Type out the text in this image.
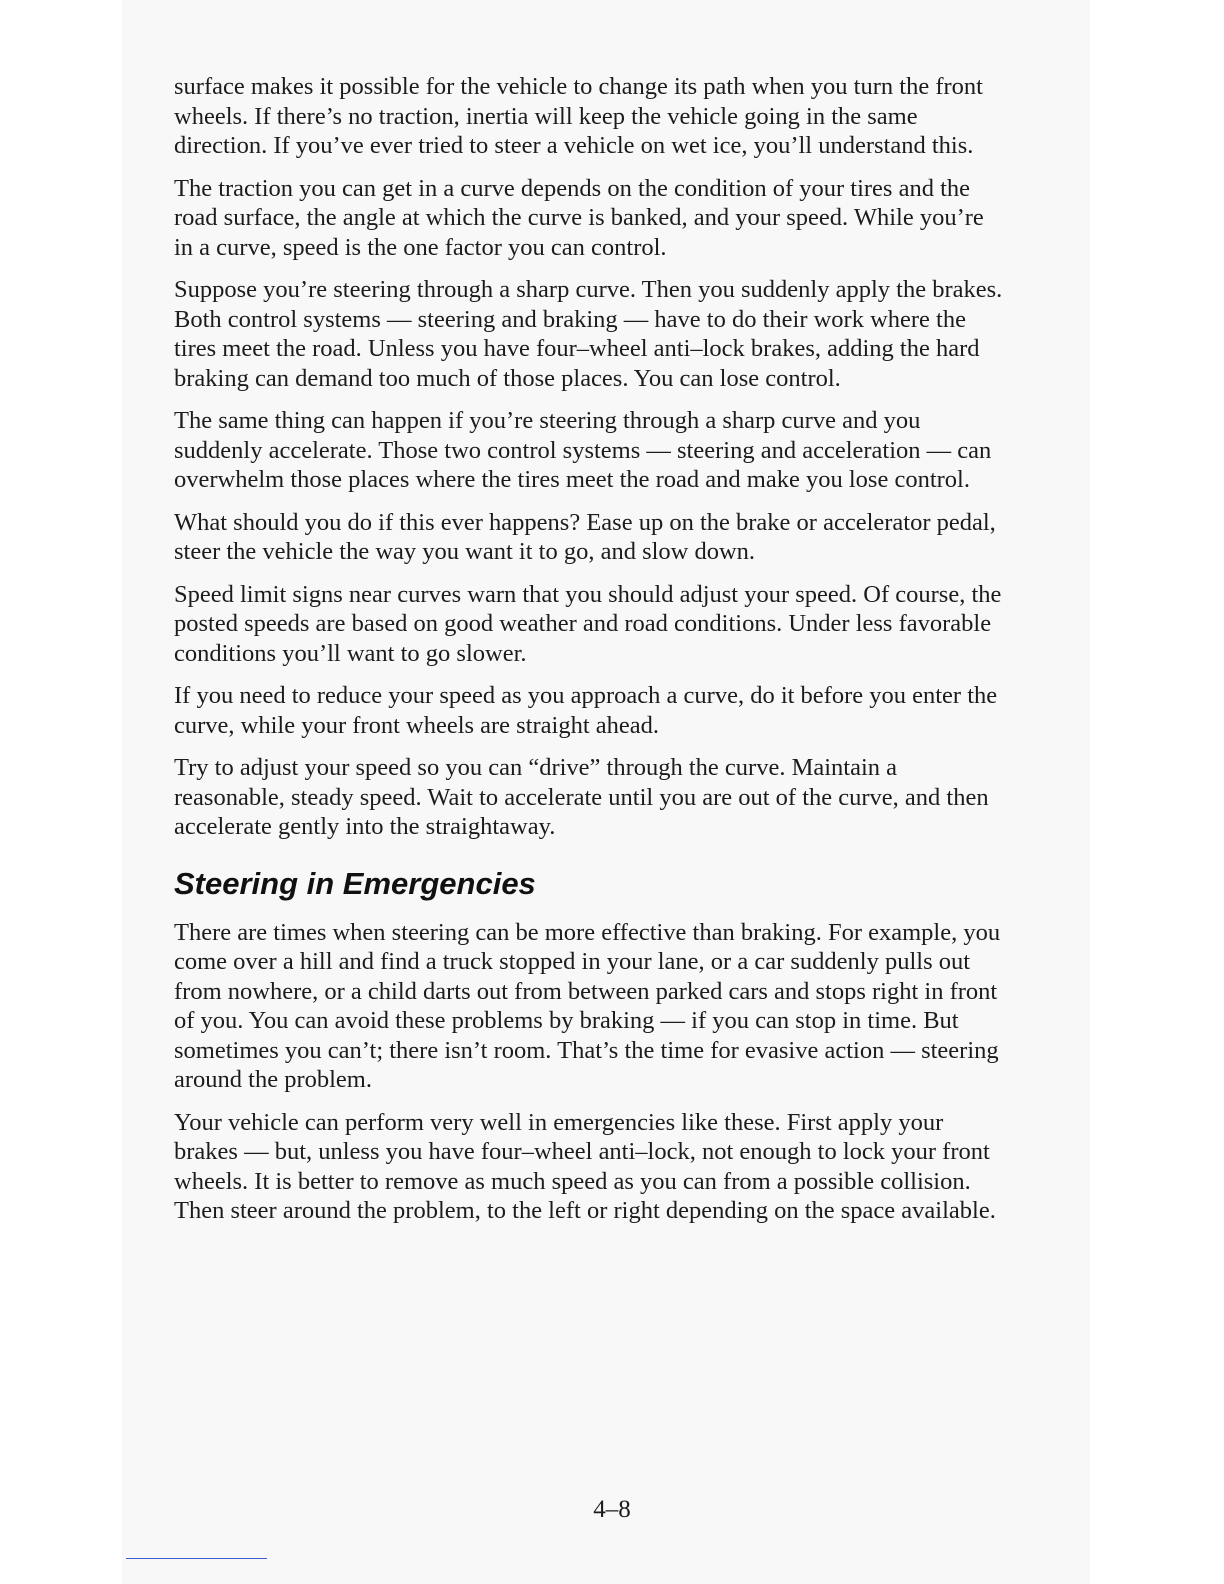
surface makes it possible for the vehicle to change its path when you turn the front wheels. If there’s no traction, inertia will keep the vehicle going in the same direction. If you’ve ever tried to steer a vehicle on wet ice, you’ll understand this.

The traction you can get in a curve depends on the condition of your tires and the road surface, the angle at which the curve is banked, and your speed. While you’re in a curve, speed is the one factor you can control.

Suppose you’re steering through a sharp curve. Then you suddenly apply the brakes. Both control systems — steering and braking — have to do their work where the tires meet the road. Unless you have four–wheel anti–lock brakes, adding the hard braking can demand too much of those places. You can lose control.

The same thing can happen if you’re steering through a sharp curve and you suddenly accelerate. Those two control systems — steering and acceleration — can overwhelm those places where the tires meet the road and make you lose control.

What should you do if this ever happens? Ease up on the brake or accelerator pedal, steer the vehicle the way you want it to go, and slow down.

Speed limit signs near curves warn that you should adjust your speed. Of course, the posted speeds are based on good weather and road conditions. Under less favorable conditions you’ll want to go slower.

If you need to reduce your speed as you approach a curve, do it before you enter the curve, while your front wheels are straight ahead.

Try to adjust your speed so you can “drive” through the curve. Maintain a reasonable, steady speed. Wait to accelerate until you are out of the curve, and then accelerate gently into the straightaway.

Steering in Emergencies

There are times when steering can be more effective than braking. For example, you come over a hill and find a truck stopped in your lane, or a car suddenly pulls out from nowhere, or a child darts out from between parked cars and stops right in front of you. You can avoid these problems by braking — if you can stop in time. But sometimes you can’t; there isn’t room. That’s the time for evasive action — steering around the problem.

Your vehicle can perform very well in emergencies like these. First apply your brakes — but, unless you have four–wheel anti–lock, not enough to lock your front wheels. It is better to remove as much speed as you can from a possible collision. Then steer around the problem, to the left or right depending on the space available.

4–8
